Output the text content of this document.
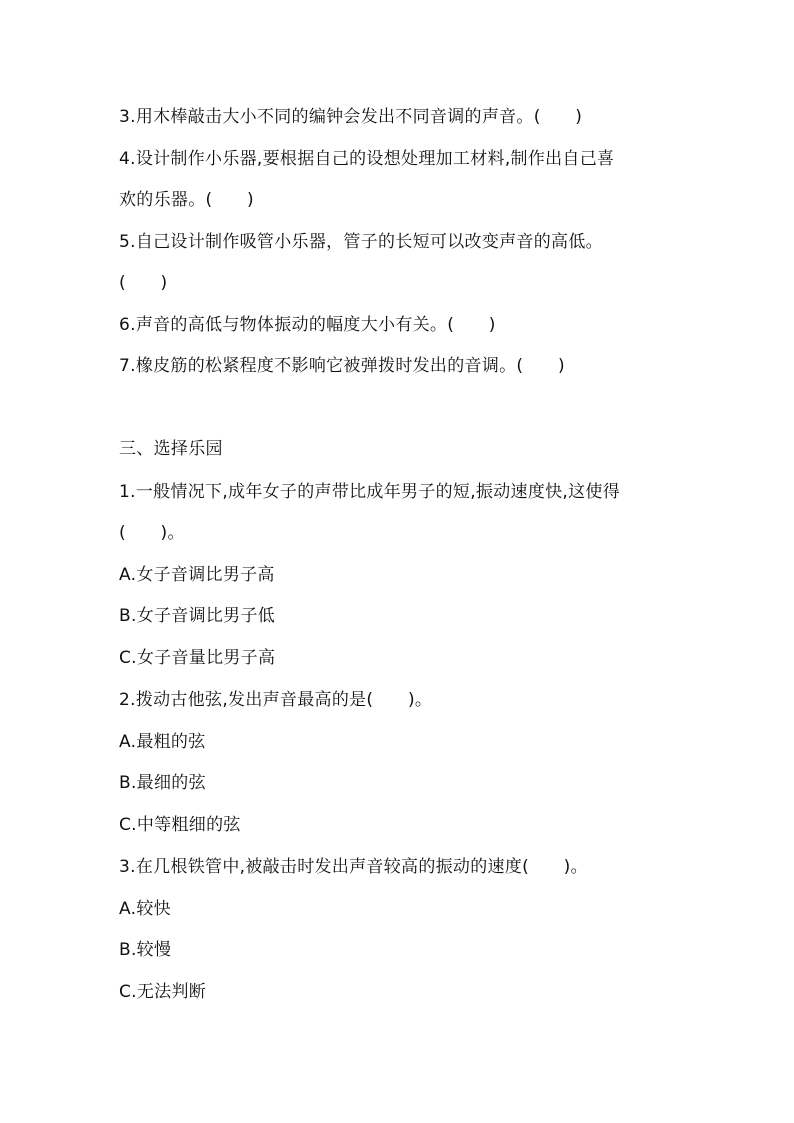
3.用木棒敲击大小不同的编钟会发出不同音调的声音。(　　)
4.设计制作小乐器,要根据自己的设想处理加工材料,制作出自己喜
欢的乐器。(　　)
5.自己设计制作吸管小乐器，管子的长短可以改变声音的高低。
(　　)
6.声音的高低与物体振动的幅度大小有关。(　　)
7.橡皮筋的松紧程度不影响它被弹拨时发出的音调。(　　)
三、选择乐园
1.一般情况下,成年女子的声带比成年男子的短,振动速度快,这使得
(　　)。
A.女子音调比男子高
B.女子音调比男子低
C.女子音量比男子高
2.拨动古他弦,发出声音最高的是(　　)。
A.最粗的弦
B.最细的弦
C.中等粗细的弦
3.在几根铁管中,被敲击时发出声音较高的振动的速度(　　)。
A.较快
B.较慢
C.无法判断
